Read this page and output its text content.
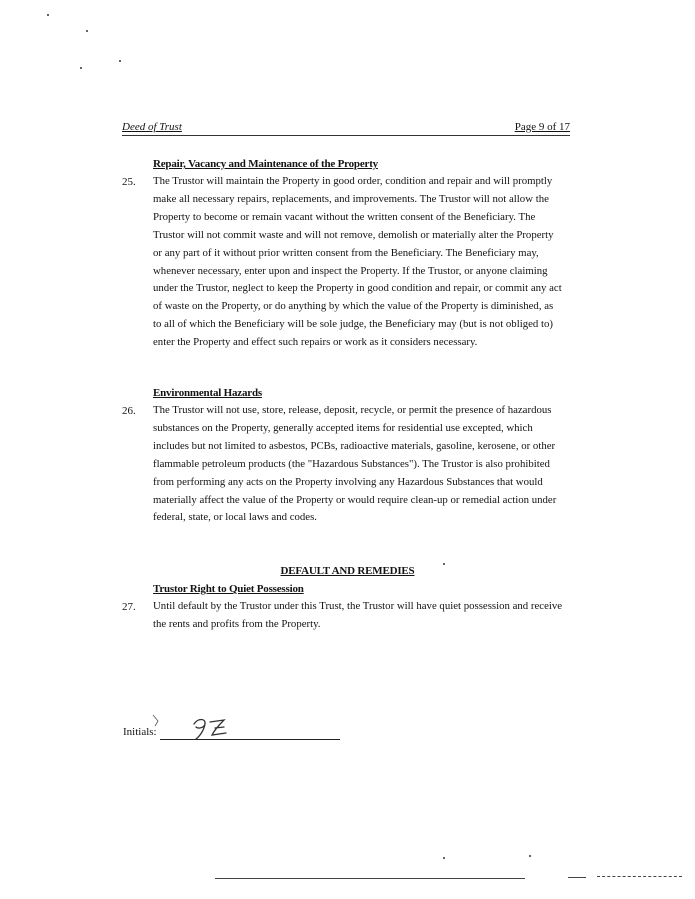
Deed of Trust	Page 9 of 17
Repair, Vacancy and Maintenance of the Property
25.	The Trustor will maintain the Property in good order, condition and repair and will promptly make all necessary repairs, replacements, and improvements. The Trustor will not allow the Property to become or remain vacant without the written consent of the Beneficiary. The Trustor will not commit waste and will not remove, demolish or materially alter the Property or any part of it without prior written consent from the Beneficiary. The Beneficiary may, whenever necessary, enter upon and inspect the Property. If the Trustor, or anyone claiming under the Trustor, neglect to keep the Property in good condition and repair, or commit any act of waste on the Property, or do anything by which the value of the Property is diminished, as to all of which the Beneficiary will be sole judge, the Beneficiary may (but is not obliged to) enter the Property and effect such repairs or work as it considers necessary.
Environmental Hazards
26.	The Trustor will not use, store, release, deposit, recycle, or permit the presence of hazardous substances on the Property, generally accepted items for residential use excepted, which includes but not limited to asbestos, PCBs, radioactive materials, gasoline, kerosene, or other flammable petroleum products (the "Hazardous Substances"). The Trustor is also prohibited from performing any acts on the Property involving any Hazardous Substances that would materially affect the value of the Property or would require clean-up or remedial action under federal, state, or local laws and codes.
DEFAULT AND REMEDIES
Trustor Right to Quiet Possession
27.	Until default by the Trustor under this Trust, the Trustor will have quiet possession and receive the rents and profits from the Property.
Initials:
